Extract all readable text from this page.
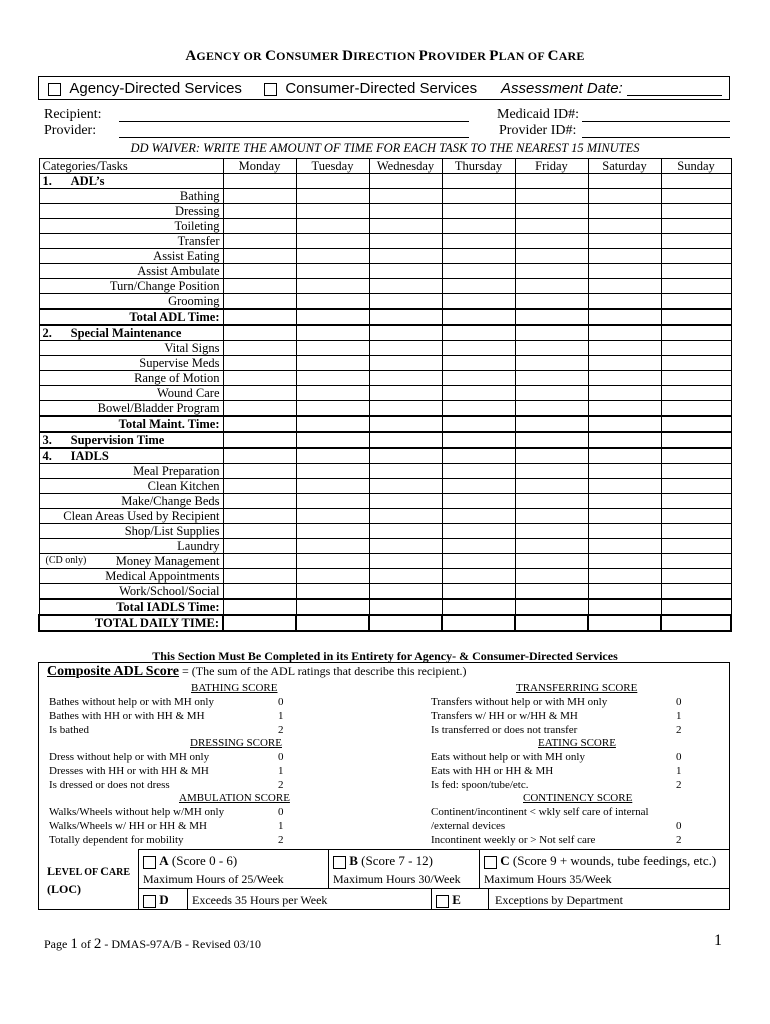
AGENCY OR CONSUMER DIRECTION PROVIDER PLAN OF CARE
Agency-Directed Services	Consumer-Directed Services Assessment Date:
Recipient:
Provider:
Medicaid ID#:
Provider ID#:
DD WAIVER: WRITE THE AMOUNT OF TIME FOR EACH TASK TO THE NEAREST 15 MINUTES
Categories/Tasks	Monday	Tuesday	Wednesday	Thursday	Friday	Saturday	Sunday
1. ADL’s							
Bathing							
Dressing							
Toileting							
Transfer							
Assist Eating							
Assist Ambulate							
Turn/Change Position							
Grooming							
Total ADL Time:							
2. Special Maintenance							
Vital Signs							
Supervise Meds							
Range of Motion							
Wound Care							
Bowel/Bladder Program							
Total Maint. Time:							
3. Supervision Time							
4. IADLS							
Meal Preparation							
Clean Kitchen							
Make/Change Beds							
Clean Areas Used by Recipient							
Shop/List Supplies							
Laundry							

(CD only) Money Management							
Medical Appointments							
Work/School/Social							
Total IADLS Time:							
TOTAL DAILY TIME:							
This Section Must Be Completed in its Entirety for Agency- & Consumer-Directed Services
Composite ADL Score = (The sum of the ADL ratings that describe this recipient.)
BATHING SCORE
Bathes without help or with MH only	0
Bathes with HH or with HH & MH	1
Is bathed	2
DRESSING SCORE
Dress without help or with MH only	0
Dresses with HH or with HH & MH	1
Is dressed or does not dress	2
AMBULATION SCORE
Walks/Wheels without help w/MH only	0
Walks/Wheels w/ HH or HH & MH	1
Totally dependent for mobility	2
TRANSFERRING SCORE
Transfers without help or with MH only	0
Transfers w/ HH or w/HH & MH	1
Is transferred or does not transfer	2
EATING SCORE
Eats without help or with MH only	0
Eats with HH or HH & MH	1
Is fed: spoon/tube/etc.	2
CONTINENCY SCORE
Continent/incontinent < wkly self care of internal
/external devices	0
Incontinent weekly or > Not self care	2
LEVEL OF CARE
(LOC)
A (Score 0 - 6)
Maximum Hours of 25/Week
B (Score 7 - 12)
Maximum Hours 30/Week
C (Score 9 + wounds, tube feedings, etc.)
Maximum Hours 35/Week
D Exceeds 35 Hours per Week	E	Exceptions by Department
Page 1 of 2 - DMAS-97A/B - Revised 03/10	1
